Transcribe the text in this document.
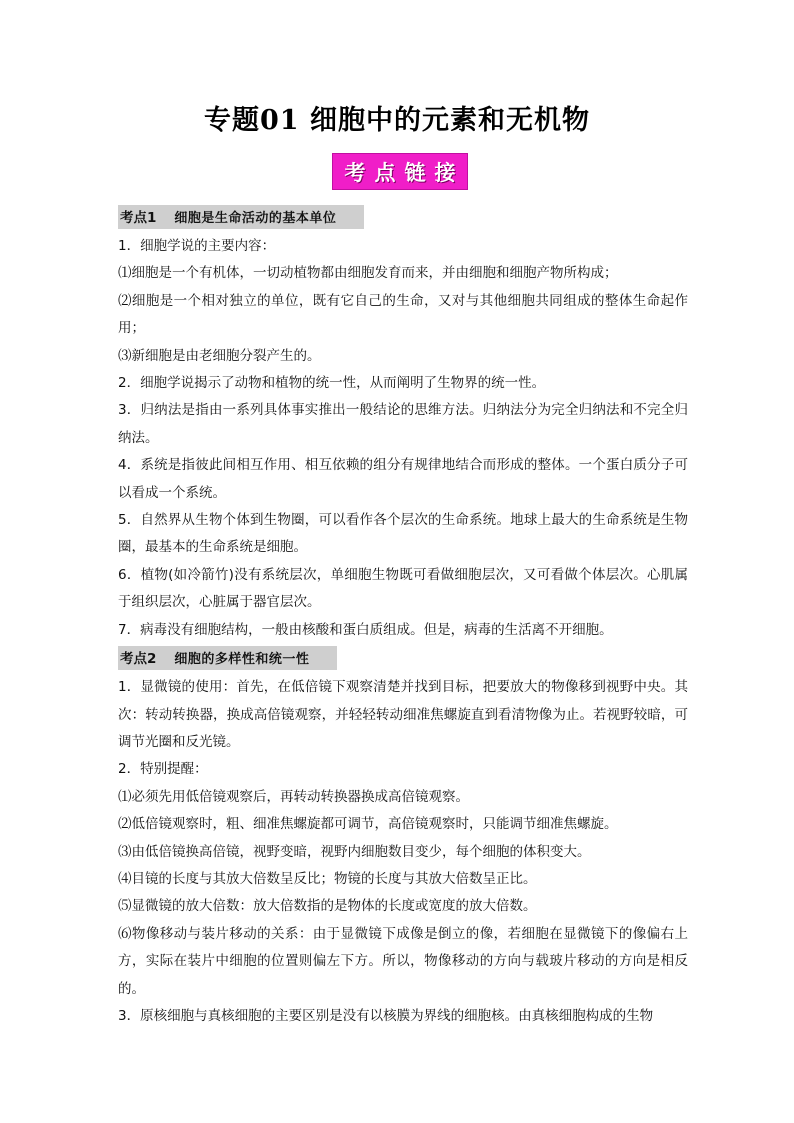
专题01 细胞中的元素和无机物
考点链接
考点1 细胞是生命活动的基本单位

1．细胞学说的主要内容：

⑴细胞是一个有机体，一切动植物都由细胞发育而来，并由细胞和细胞产物所构成；

⑵细胞是一个相对独立的单位，既有它自己的生命，又对与其他细胞共同组成的整体生命起作用；

⑶新细胞是由老细胞分裂产生的。

2．细胞学说揭示了动物和植物的统一性，从而阐明了生物界的统一性。

3．归纳法是指由一系列具体事实推出一般结论的思维方法。归纳法分为完全归纳法和不完全归纳法。

4．系统是指彼此间相互作用、相互依赖的组分有规律地结合而形成的整体。一个蛋白质分子可以看成一个系统。

5．自然界从生物个体到生物圈，可以看作各个层次的生命系统。地球上最大的生命系统是生物圈，最基本的生命系统是细胞。

6．植物(如冷箭竹)没有系统层次，单细胞生物既可看做细胞层次，又可看做个体层次。心肌属于组织层次，心脏属于器官层次。

7．病毒没有细胞结构，一般由核酸和蛋白质组成。但是，病毒的生活离不开细胞。

考点2 细胞的多样性和统一性

1．显微镜的使用：首先，在低倍镜下观察清楚并找到目标，把要放大的物像移到视野中央。其次：转动转换器，换成高倍镜观察，并轻轻转动细准焦螺旋直到看清物像为止。若视野较暗，可调节光圈和反光镜。

2．特别提醒：

⑴必须先用低倍镜观察后，再转动转换器换成高倍镜观察。

⑵低倍镜观察时，粗、细准焦螺旋都可调节，高倍镜观察时，只能调节细准焦螺旋。

⑶由低倍镜换高倍镜，视野变暗，视野内细胞数目变少，每个细胞的体积变大。

⑷目镜的长度与其放大倍数呈反比；物镜的长度与其放大倍数呈正比。

⑸显微镜的放大倍数：放大倍数指的是物体的长度或宽度的放大倍数。

⑹物像移动与装片移动的关系：由于显微镜下成像是倒立的像，若细胞在显微镜下的像偏右上方，实际在装片中细胞的位置则偏左下方。所以，物像移动的方向与载玻片移动的方向是相反的。

3．原核细胞与真核细胞的主要区别是没有以核膜为界线的细胞核。由真核细胞构成的生物
